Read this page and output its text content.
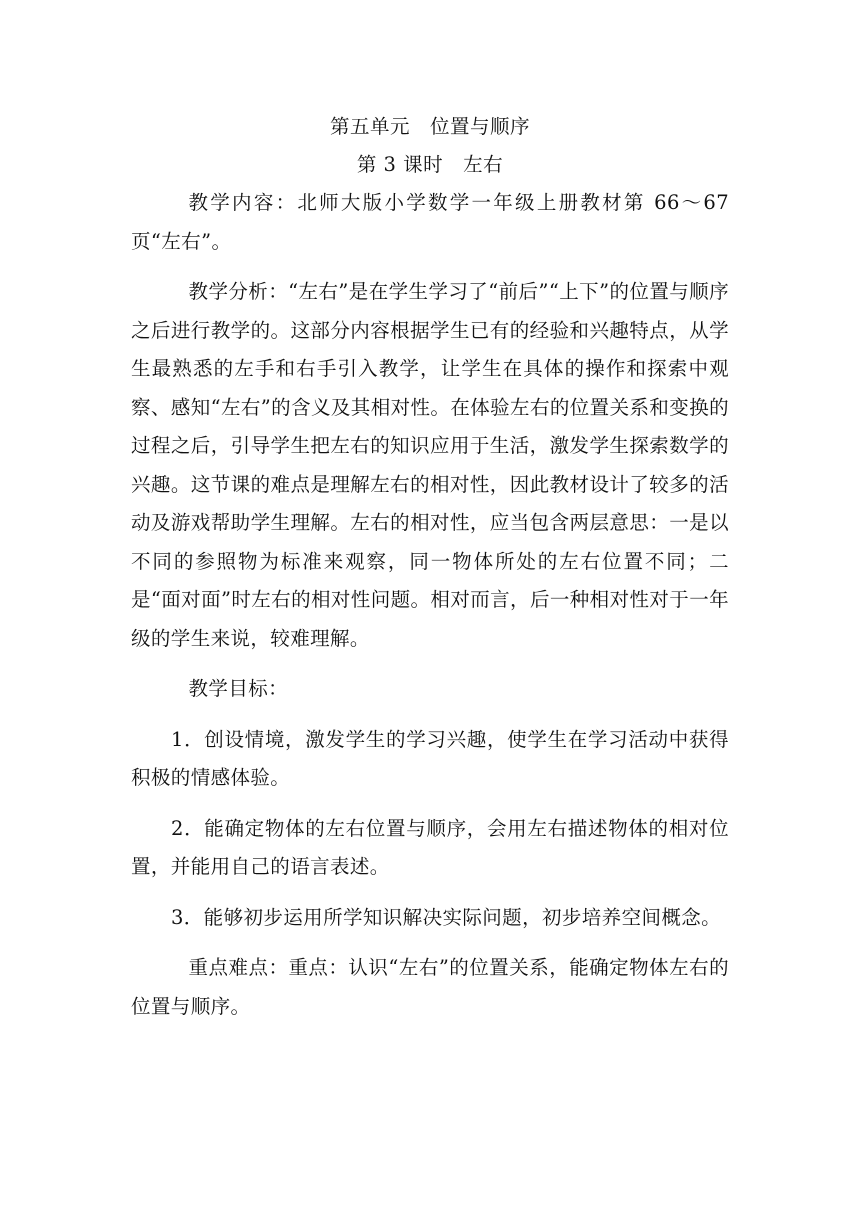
第五单元　位置与顺序

第 3 课时　左右

教学内容：北师大版小学数学一年级上册教材第 66～67 页“左右”。

教学分析：“左右”是在学生学习了“前后”“上下”的位置与顺序之后进行教学的。这部分内容根据学生已有的经验和兴趣特点，从学生最熟悉的左手和右手引入教学，让学生在具体的操作和探索中观察、感知“左右”的含义及其相对性。在体验左右的位置关系和变换的过程之后，引导学生把左右的知识应用于生活，激发学生探索数学的兴趣。这节课的难点是理解左右的相对性，因此教材设计了较多的活动及游戏帮助学生理解。左右的相对性，应当包含两层意思：一是以不同的参照物为标准来观察，同一物体所处的左右位置不同；二是“面对面”时左右的相对性问题。相对而言，后一种相对性对于一年级的学生来说，较难理解。

教学目标：

1．创设情境，激发学生的学习兴趣，使学生在学习活动中获得积极的情感体验。

2．能确定物体的左右位置与顺序，会用左右描述物体的相对位置，并能用自己的语言表述。

3．能够初步运用所学知识解决实际问题，初步培养空间概念。

重点难点：重点：认识“左右”的位置关系，能确定物体左右的位置与顺序。
